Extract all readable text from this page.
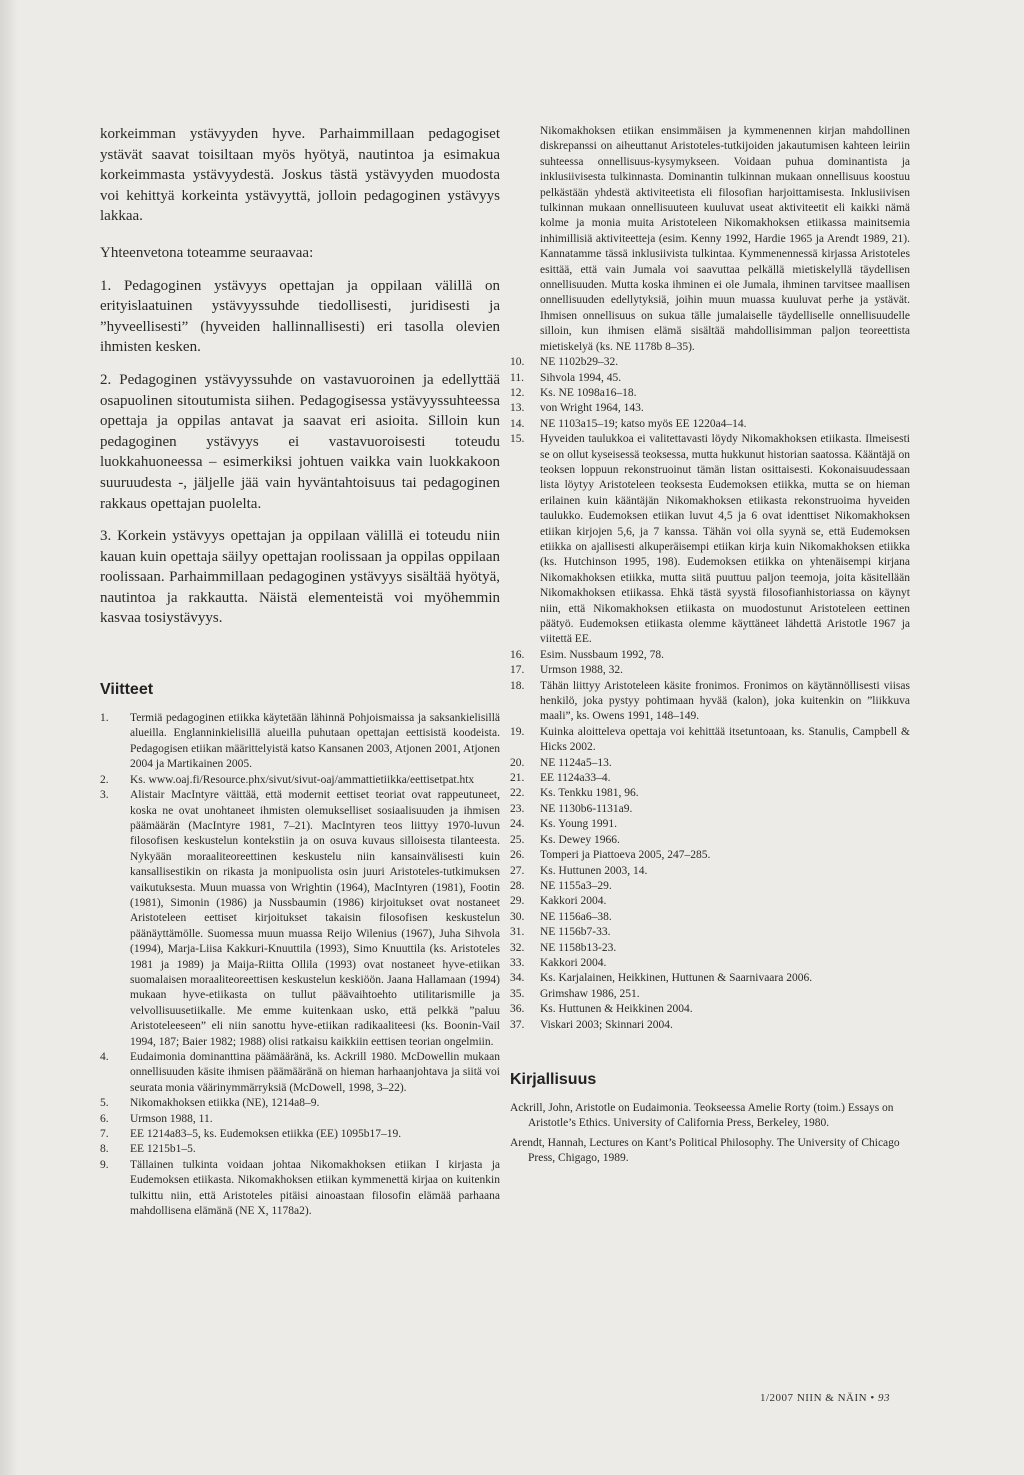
korkeimman ystävyyden hyve. Parhaimmillaan pedagogiset ystävät saavat toisiltaan myös hyötyä, nautintoa ja esimakua korkeimmasta ystävyydestä. Joskus tästä ystävyyden muodosta voi kehittyä korkeinta ystävyyttä, jolloin pedagoginen ystävyys lakkaa.

Yhteenvetona toteamme seuraavaa:

1. Pedagoginen ystävyys opettajan ja oppilaan välillä on erityislaatuinen ystävyyssuhde tiedollisesti, juridisesti ja ”hyveellisesti” (hyveiden hallinnallisesti) eri tasolla olevien ihmisten kesken.

2. Pedagoginen ystävyyssuhde on vastavuoroinen ja edellyttää osapuolinen sitoutumista siihen. Pedagogisessa ystävyyssuhteessa opettaja ja oppilas antavat ja saavat eri asioita. Silloin kun pedagoginen ystävyys ei vastavuoroisesti toteudu luokkahuoneessa – esimerkiksi johtuen vaikka vain luokkakoon suuruudesta -, jäljelle jää vain hyväntahtoisuus tai pedagoginen rakkaus opettajan puolelta.

3. Korkein ystävyys opettajan ja oppilaan välillä ei toteudu niin kauan kuin opettaja säilyy opettajan roolissaan ja oppilas oppilaan roolissaan. Parhaimmillaan pedagoginen ystävyys sisältää hyötyä, nautintoa ja rakkautta. Näistä elementeistä voi myöhemmin kasvaa tosiystävyys.

Viitteet
1.	Termiä pedagoginen etiikka käytetään lähinnä Pohjoismaissa ja saksankielisillä alueilla. Englanninkielisillä alueilla puhutaan opettajan eettisistä koodeista. Pedagogisen etiikan määrittelyistä katso Kansanen 2003, Atjonen 2001, Atjonen 2004 ja Martikainen 2005.
2.	Ks. www.oaj.fi/Resource.phx/sivut/sivut-oaj/ammattietiikka/eettisetpat.htx
3.	Alistair MacIntyre väittää, että modernit eettiset teoriat ovat rappeutuneet, koska ne ovat unohtaneet ihmisten olemukselliset sosiaalisuuden ja ihmisen päämäärän (MacIntyre 1981, 7–21). MacIntyren teos liittyy 1970-luvun filosofisen keskustelun kontekstiin ja on osuva kuvaus silloisesta tilanteesta. Nykyään moraaliteoreettinen keskustelu niin kansainvälisesti kuin kansallisestikin on rikasta ja monipuolista osin juuri Aristoteles-tutkimuksen vaikutuksesta. Muun muassa von Wrightin (1964), MacIntyren (1981), Footin (1981), Simonin (1986) ja Nussbaumin (1986) kirjoitukset ovat nostaneet Aristoteleen eettiset kirjoitukset takaisin filosofisen keskustelun päänäyttämölle. Suomessa muun muassa Reijo Wilenius (1967), Juha Sihvola (1994), Marja-Liisa Kakkuri-Knuuttila (1993), Simo Knuuttila (ks. Aristoteles 1981 ja 1989) ja Maija-Riitta Ollila (1993) ovat nostaneet hyve-etiikan suomalaisen moraaliteoreettisen keskustelun keskiöön. Jaana Hallamaan (1994) mukaan hyve-etiikasta on tullut päävaihtoehto utilitarismille ja velvollisuusetiikalle. Me emme kuitenkaan usko, että pelkkä ”paluu Aristoteleeseen” eli niin sanottu hyve-etiikan radikaaliteesi (ks. Boonin-Vail 1994, 187; Baier 1982; 1988) olisi ratkaisu kaikkiin eettisen teorian ongelmiin.
4.	Eudaimonia dominanttina päämääränä, ks. Ackrill 1980. McDowellin mukaan onnellisuuden käsite ihmisen päämääränä on hieman harhaanjohtava ja siitä voi seurata monia väärinymmärryksiä (McDowell, 1998, 3–22).
5.	Nikomakhoksen etiikka (NE), 1214a8–9.
6.	Urmson 1988, 11.
7.	EE 1214a83–5, ks. Eudemoksen etiikka (EE) 1095b17–19.
8.	EE 1215b1–5.
9.	Tällainen tulkinta voidaan johtaa Nikomakhoksen etiikan I kirjasta ja Eudemoksen etiikasta. Nikomakhoksen etiikan kymmenettä kirjaa on kuitenkin tulkittu niin, että Aristoteles pitäisi ainoastaan filosofin elämää parhaana mahdollisena elämänä (NE X, 1178a2).
Nikomakhoksen etiikan ensimmäisen ja kymmenennen kirjan mahdollinen diskrepanssi on aiheuttanut Aristoteles-tutkijoiden jakautumisen kahteen leiriin suhteessa onnellisuus-kysymykseen. Voidaan puhua dominantista ja inklusiivisesta tulkinnasta. Dominantin tulkinnan mukaan onnellisuus koostuu pelkästään yhdestä aktiviteetista eli filosofian harjoittamisesta. Inklusiivisen tulkinnan mukaan onnellisuuteen kuuluvat useat aktiviteetit eli kaikki nämä kolme ja monia muita Aristoteleen Nikomakhoksen etiikassa mainitsemia inhimillisiä aktiviteetteja (esim. Kenny 1992, Hardie 1965 ja Arendt 1989, 21). Kannatamme tässä inklusiivista tulkintaa. Kymmenennessä kirjassa Aristoteles esittää, että vain Jumala voi saavuttaa pelkällä mietiskelyllä täydellisen onnellisuuden. Mutta koska ihminen ei ole Jumala, ihminen tarvitsee maallisen onnellisuuden edellytyksiä, joihin muun muassa kuuluvat perhe ja ystävät. Ihmisen onnellisuus on sukua tälle jumalaiselle täydelliselle onnellisuudelle silloin, kun ihmisen elämä sisältää mahdollisimman paljon teoreettista mietiskelyä (ks. NE 1178b 8–35).
10.	NE 1102b29–32.
11.	Sihvola 1994, 45.
12.	Ks. NE 1098a16–18.
13.	von Wright 1964, 143.
14.	NE 1103a15–19; katso myös EE 1220a4–14.
15.	Hyveiden taulukkoa ei valitettavasti löydy Nikomakhoksen etiikasta. Ilmeisesti se on ollut kyseisessä teoksessa, mutta hukkunut historian saatossa. Kääntäjä on teoksen loppuun rekonstruoinut tämän listan osittaisesti. Kokonaisuudessaan lista löytyy Aristoteleen teoksesta Eudemoksen etiikka, mutta se on hieman erilainen kuin kääntäjän Nikomakhoksen etiikasta rekonstruoima hyveiden taulukko. Eudemoksen etiikan luvut 4,5 ja 6 ovat identtiset Nikomakhoksen etiikan kirjojen 5,6, ja 7 kanssa. Tähän voi olla syynä se, että Eudemoksen etiikka on ajallisesti alkuperäisempi etiikan kirja kuin Nikomakhoksen etiikka (ks. Hutchinson 1995, 198). Eudemoksen etiikka on yhtenäisempi kirjana Nikomakhoksen etiikka, mutta siitä puuttuu paljon teemoja, joita käsitellään Nikomakhoksen etiikassa. Ehkä tästä syystä filosofianhistoriassa on käynyt niin, että Nikomakhoksen etiikasta on muodostunut Aristoteleen eettinen päätyö. Eudemoksen etiikasta olemme käyttäneet lähdettä Aristotle 1967 ja viitettä EE.
16.	Esim. Nussbaum 1992, 78.
17.	Urmson 1988, 32.
18.	Tähän liittyy Aristoteleen käsite fronimos. Fronimos on käytännöllisesti viisas henkilö, joka pystyy pohtimaan hyvää (kalon), joka kuitenkin on ”liikkuva maali”, ks. Owens 1991, 148–149.
19.	Kuinka aloitteleva opettaja voi kehittää itsetuntoaan, ks. Stanulis, Campbell & Hicks 2002.
20.	NE 1124a5–13.
21.	EE 1124a33–4.
22.	Ks. Tenkku 1981, 96.
23.	NE 1130b6-1131a9.
24.	Ks. Young 1991.
25.	Ks. Dewey 1966.
26.	Tomperi ja Piattoeva 2005, 247–285.
27.	Ks. Huttunen 2003, 14.
28.	NE 1155a3–29.
29.	Kakkori 2004.
30.	NE 1156a6–38.
31.	NE 1156b7-33.
32.	NE 1158b13-23.
33.	Kakkori 2004.
34.	Ks. Karjalainen, Heikkinen, Huttunen & Saarnivaara 2006.
35.	Grimshaw 1986, 251.
36.	Ks. Huttunen & Heikkinen 2004.
37.	Viskari 2003; Skinnari 2004.
Kirjallisuus

Ackrill, John, Aristotle on Eudaimonia. Teokseessa Amelie Rorty (toim.) Essays on Aristotle’s Ethics. University of California Press, Berkeley, 1980.

Arendt, Hannah, Lectures on Kant’s Political Philosophy. The University of Chicago Press, Chigago, 1989.

1/2007 NIIN & NÄIN • 93
